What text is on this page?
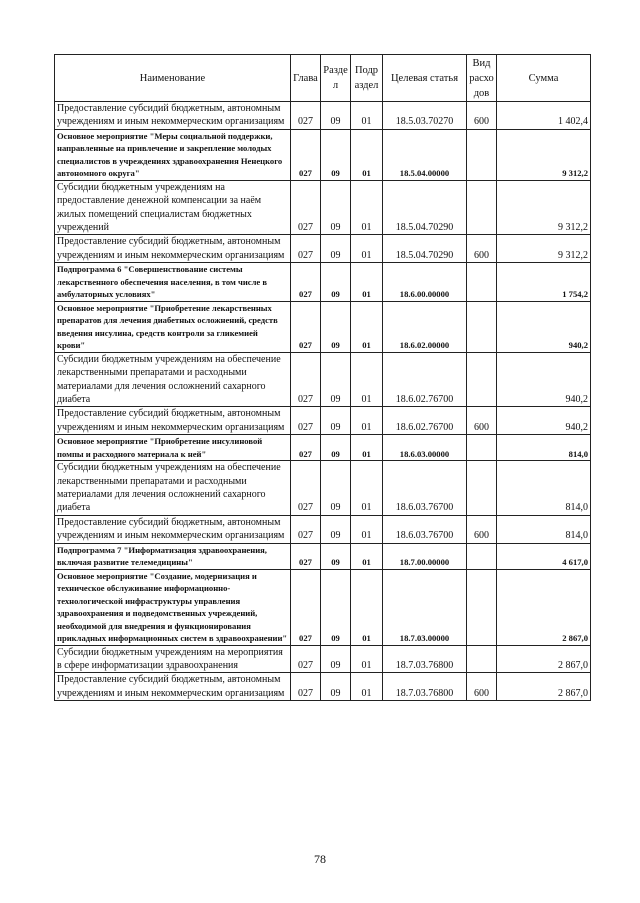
Наименование	Глава	Разде л	Подр аздел	Целевая статья	Вид расхо дов	Сумма
Предоставление субсидий бюджетным, автономным учреждениям и иным некоммерческим организациям	027	09	01	18.5.03.70270	600	1 402,4
Основное мероприятие "Меры социальной поддержки, направленные на привлечение и закрепление молодых специалистов в учреждениях здравоохранения Ненецкого автономного округа"	027	09	01	18.5.04.00000		9 312,2
Субсидии бюджетным учреждениям на предоставление денежной компенсации за наём жилых помещений специалистам бюджетных учреждений	027	09	01	18.5.04.70290		9 312,2
Предоставление субсидий бюджетным, автономным учреждениям и иным некоммерческим организациям	027	09	01	18.5.04.70290	600	9 312,2
Подпрограмма 6 "Совершенствование системы лекарственного обеспечения населения, в том числе в амбулаторных условиях"	027	09	01	18.6.00.00000		1 754,2
Основное мероприятие "Приобретение лекарственных препаратов для лечения диабетных осложнений, средств введения инсулина, средств контроли за гликемией крови"	027	09	01	18.6.02.00000		940,2
Субсидии бюджетным учреждениям на обеспечение лекарственными препаратами и расходными материалами для лечения осложнений сахарного диабета	027	09	01	18.6.02.76700		940,2
Предоставление субсидий бюджетным, автономным учреждениям и иным некоммерческим организациям	027	09	01	18.6.02.76700	600	940,2
Основное мероприятие "Приобретение инсулиновой помпы и расходного материала к ней"	027	09	01	18.6.03.00000		814,0
Субсидии бюджетным учреждениям на обеспечение лекарственными препаратами и расходными материалами для лечения осложнений сахарного диабета	027	09	01	18.6.03.76700		814,0
Предоставление субсидий бюджетным, автономным учреждениям и иным некоммерческим организациям	027	09	01	18.6.03.76700	600	814,0
Подпрограмма 7 "Информатизация здравоохранения, включая развитие телемедицины"	027	09	01	18.7.00.00000		4 617,0
Основное мероприятие "Создание, модернизация и техническое обслуживание информационно-технологической инфраструктуры управления здравоохранения и подведомственных учреждений, необходимой для внедрения и функционирования прикладных информационных систем в здравоохранении"	027	09	01	18.7.03.00000		2 867,0
Субсидии бюджетным учреждениям на мероприятия в сфере информатизации здравоохранения	027	09	01	18.7.03.76800		2 867,0
Предоставление субсидий бюджетным, автономным учреждениям и иным некоммерческим организациям	027	09	01	18.7.03.76800	600	2 867,0
78
